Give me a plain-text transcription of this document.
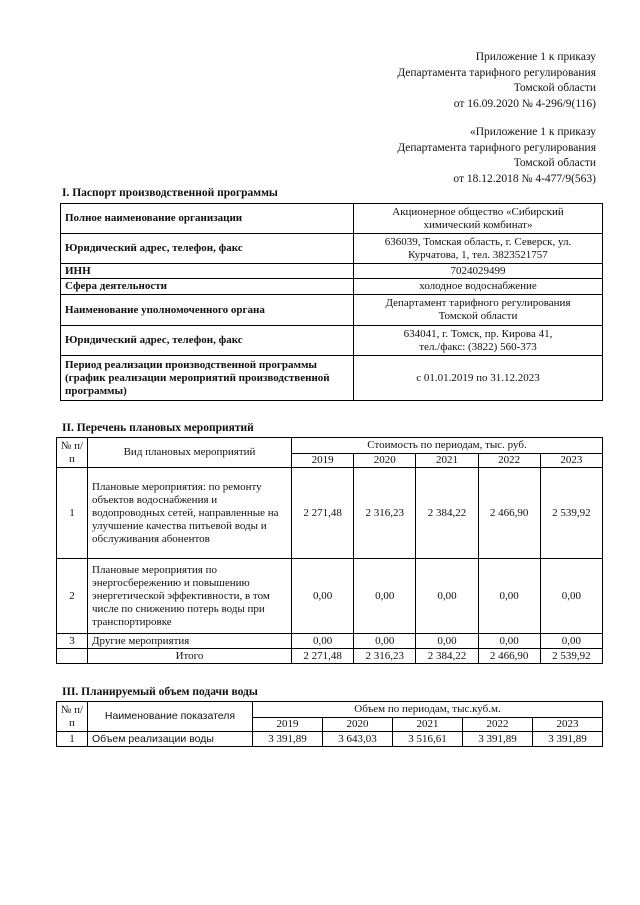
Приложение 1 к приказу
Департамента тарифного регулирования
Томской области
от 16.09.2020 № 4-296/9(116)
«Приложение 1 к приказу
Департамента тарифного регулирования
Томской области
от 18.12.2018 № 4-477/9(563)
I. Паспорт производственной программы
Полное наименование организации	Акционерное общество «Сибирский
химический комбинат»

Юридический адрес, телефон, факс	636039, Томская область, г. Северск, ул.
Курчатова, 1, тел. 3823521757

ИНН	7024029499
Сфера деятельности	холодное водоснабжение
Наименование уполномоченного органа	Департамент тарифного регулирования
Томской области

Юридический адрес, телефон, факс	634041, г. Томск, пр. Кирова 41,
тел./факс: (3822) 560-373

Период реализации производственной программы (график реализации мероприятий производственной программы)	с 01.01.2019 по 31.12.2023
II. Перечень плановых мероприятий
№ п/п	Вид плановых мероприятий	Стоимость по периодам, тыс. руб.				
		2019	2020	2021	2022	2023
1	Плановые мероприятия: по ремонту объектов водоснабжения и водопроводных сетей, направленные на улучшение качества питьевой воды и обслуживания абонентов	2 271,48	2 316,23	2 384,22	2 466,90	2 539,92
2	Плановые мероприятия по энергосбережению и повышению энергетической эффективности, в том числе по снижению потерь воды при транспортировке	0,00	0,00	0,00	0,00	0,00
3	Другие мероприятия	0,00	0,00	0,00	0,00	0,00
	Итого	2 271,48	2 316,23	2 384,22	2 466,90	2 539,92
III. Планируемый объем подачи воды
№ п/п	Наименование показателя	Объем по периодам, тыс.куб.м.				
		2019	2020	2021	2022	2023
1	Объем реализации воды	3 391,89	3 643,03	3 516,61	3 391,89	3 391,89
